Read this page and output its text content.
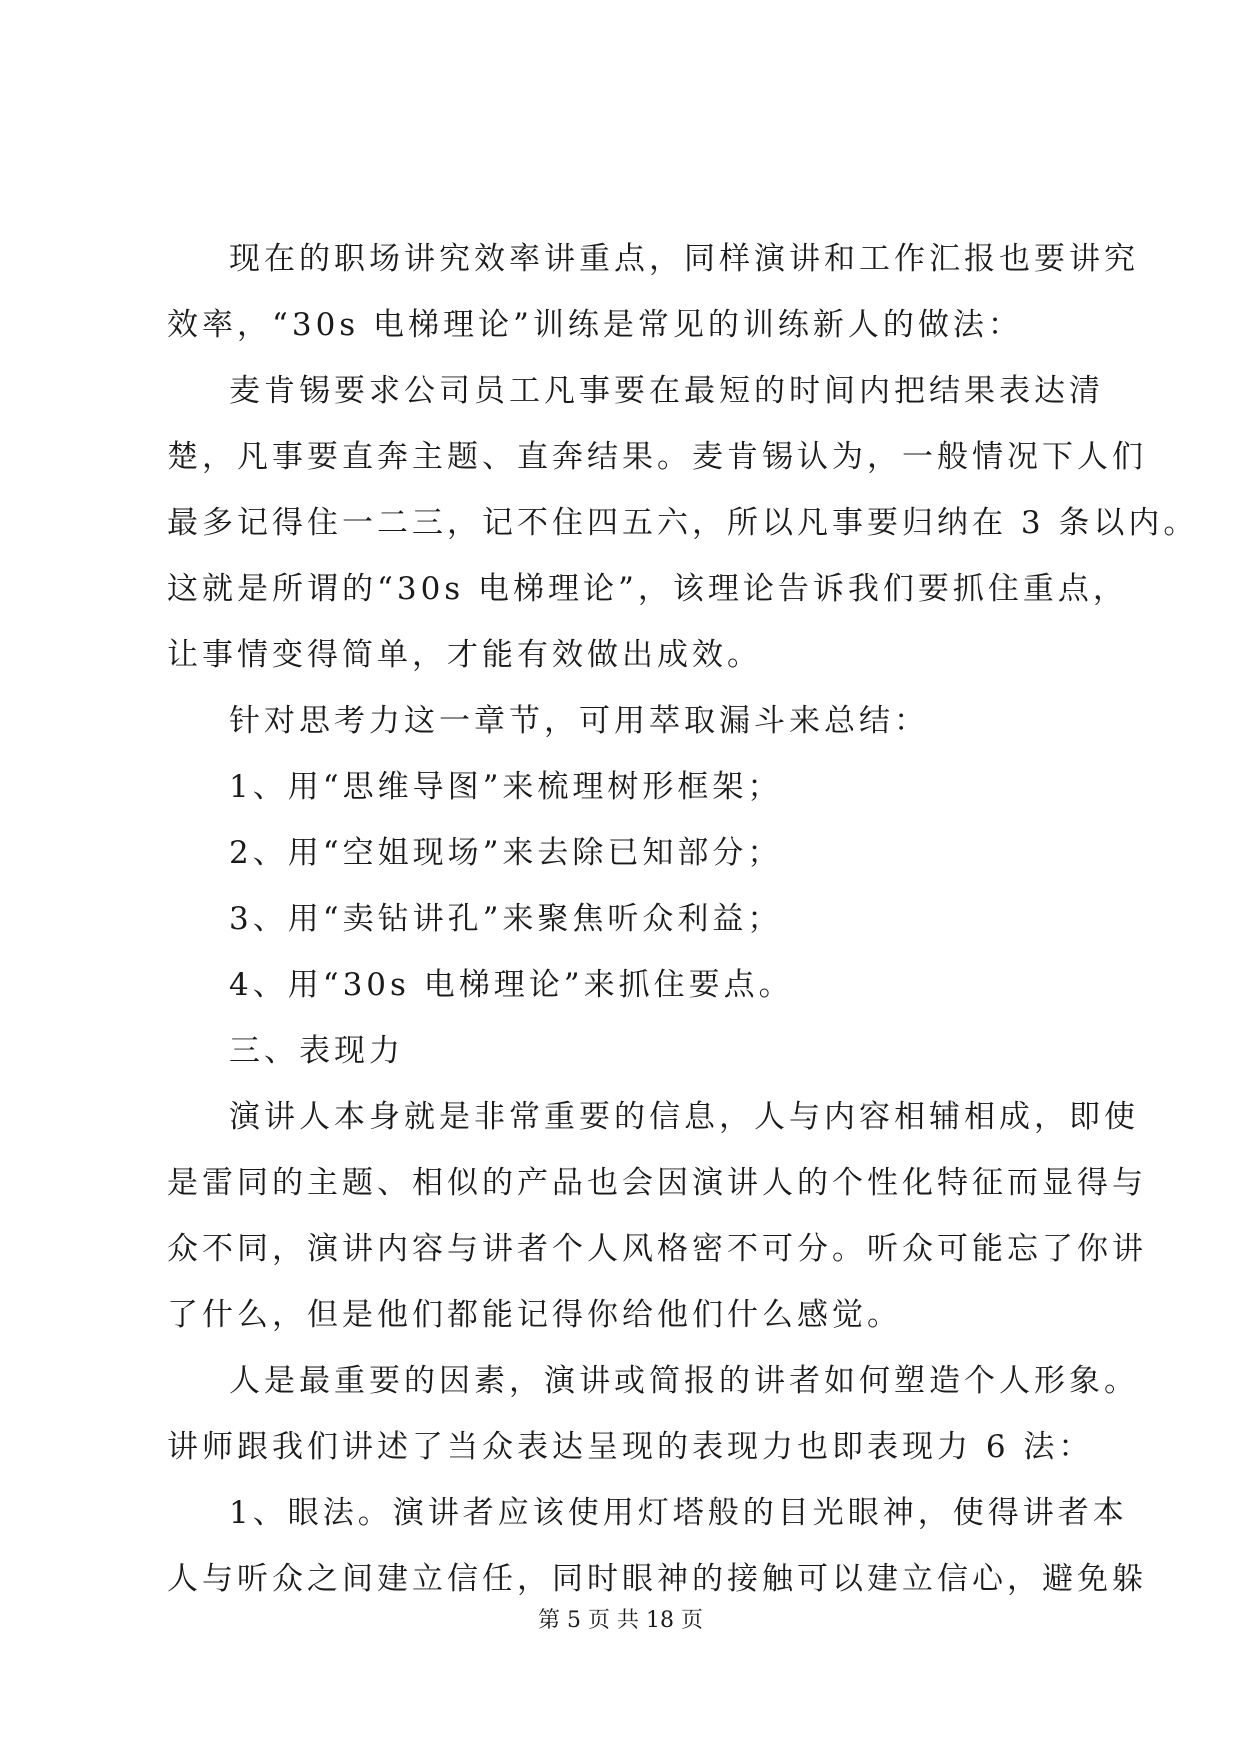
现在的职场讲究效率讲重点，同样演讲和工作汇报也要讲究
效率，“30s 电梯理论”训练是常见的训练新人的做法：
麦肯锡要求公司员工凡事要在最短的时间内把结果表达清
楚，凡事要直奔主题、直奔结果。麦肯锡认为，一般情况下人们
最多记得住一二三，记不住四五六，所以凡事要归纳在 3 条以内。
这就是所谓的“30s 电梯理论”，该理论告诉我们要抓住重点，
让事情变得简单，才能有效做出成效。
针对思考力这一章节，可用萃取漏斗来总结：
1、用“思维导图”来梳理树形框架；
2、用“空姐现场”来去除已知部分；
3、用“卖钻讲孔”来聚焦听众利益；
4、用“30s 电梯理论”来抓住要点。
三、表现力
演讲人本身就是非常重要的信息，人与内容相辅相成，即使
是雷同的主题、相似的产品也会因演讲人的个性化特征而显得与
众不同，演讲内容与讲者个人风格密不可分。听众可能忘了你讲
了什么，但是他们都能记得你给他们什么感觉。
人是最重要的因素，演讲或简报的讲者如何塑造个人形象。
讲师跟我们讲述了当众表达呈现的表现力也即表现力 6 法：
1、眼法。演讲者应该使用灯塔般的目光眼神，使得讲者本
人与听众之间建立信任，同时眼神的接触可以建立信心，避免躲
第 5 页 共 18 页
